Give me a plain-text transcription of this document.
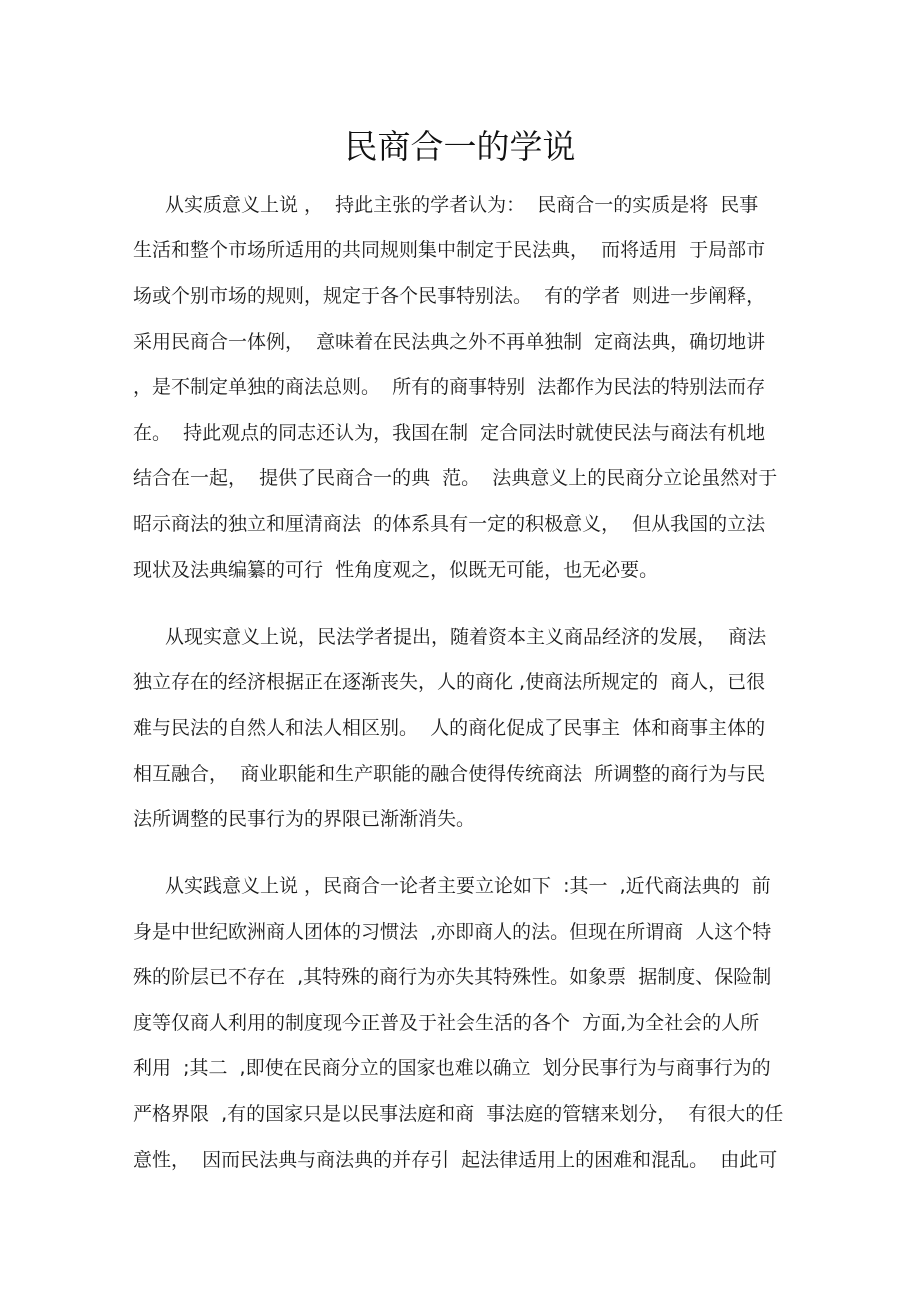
民商合一的学说
从实质意义上说 ，  持此主张的学者认为：  民商合一的实质是将  民事
生活和整个市场所适用的共同规则集中制定于民法典，  而将适用  于局部市
场或个别市场的规则，规定于各个民事特别法。  有的学者  则进一步阐释，
采用民商合一体例，  意味着在民法典之外不再单独制  定商法典，确切地讲
，是不制定单独的商法总则。  所有的商事特别  法都作为民法的特别法而存
在。  持此观点的同志还认为，我国在制  定合同法时就使民法与商法有机地
结合在一起，  提供了民商合一的典  范。  法典意义上的民商分立论虽然对于
昭示商法的独立和厘清商法  的体系具有一定的积极意义，  但从我国的立法
现状及法典编纂的可行  性角度观之，似既无可能，也无必要。
从现实意义上说，民法学者提出，随着资本主义商品经济的发展，  商法
独立存在的经济根据正在逐渐丧失，人的商化 ,使商法所规定的  商人，已很
难与民法的自然人和法人相区别。  人的商化促成了民事主  体和商事主体的
相互融合，  商业职能和生产职能的融合使得传统商法  所调整的商行为与民
法所调整的民事行为的界限已渐渐消失。
从实践意义上说 ，民商合一论者主要立论如下  :其一  ,近代商法典的  前
身是中世纪欧洲商人团体的习惯法  ,亦即商人的法。但现在所谓商  人这个特
殊的阶层已不存在  ,其特殊的商行为亦失其特殊性。如象票  据制度、保险制
度等仅商人利用的制度现今正普及于社会生活的各个  方面,为全社会的人所
利用  ;其二  ,即使在民商分立的国家也难以确立  划分民事行为与商事行为的
严格界限  ,有的国家只是以民事法庭和商  事法庭的管辖来划分，  有很大的任
意性，  因而民法典与商法典的并存引  起法律适用上的困难和混乱。  由此可
